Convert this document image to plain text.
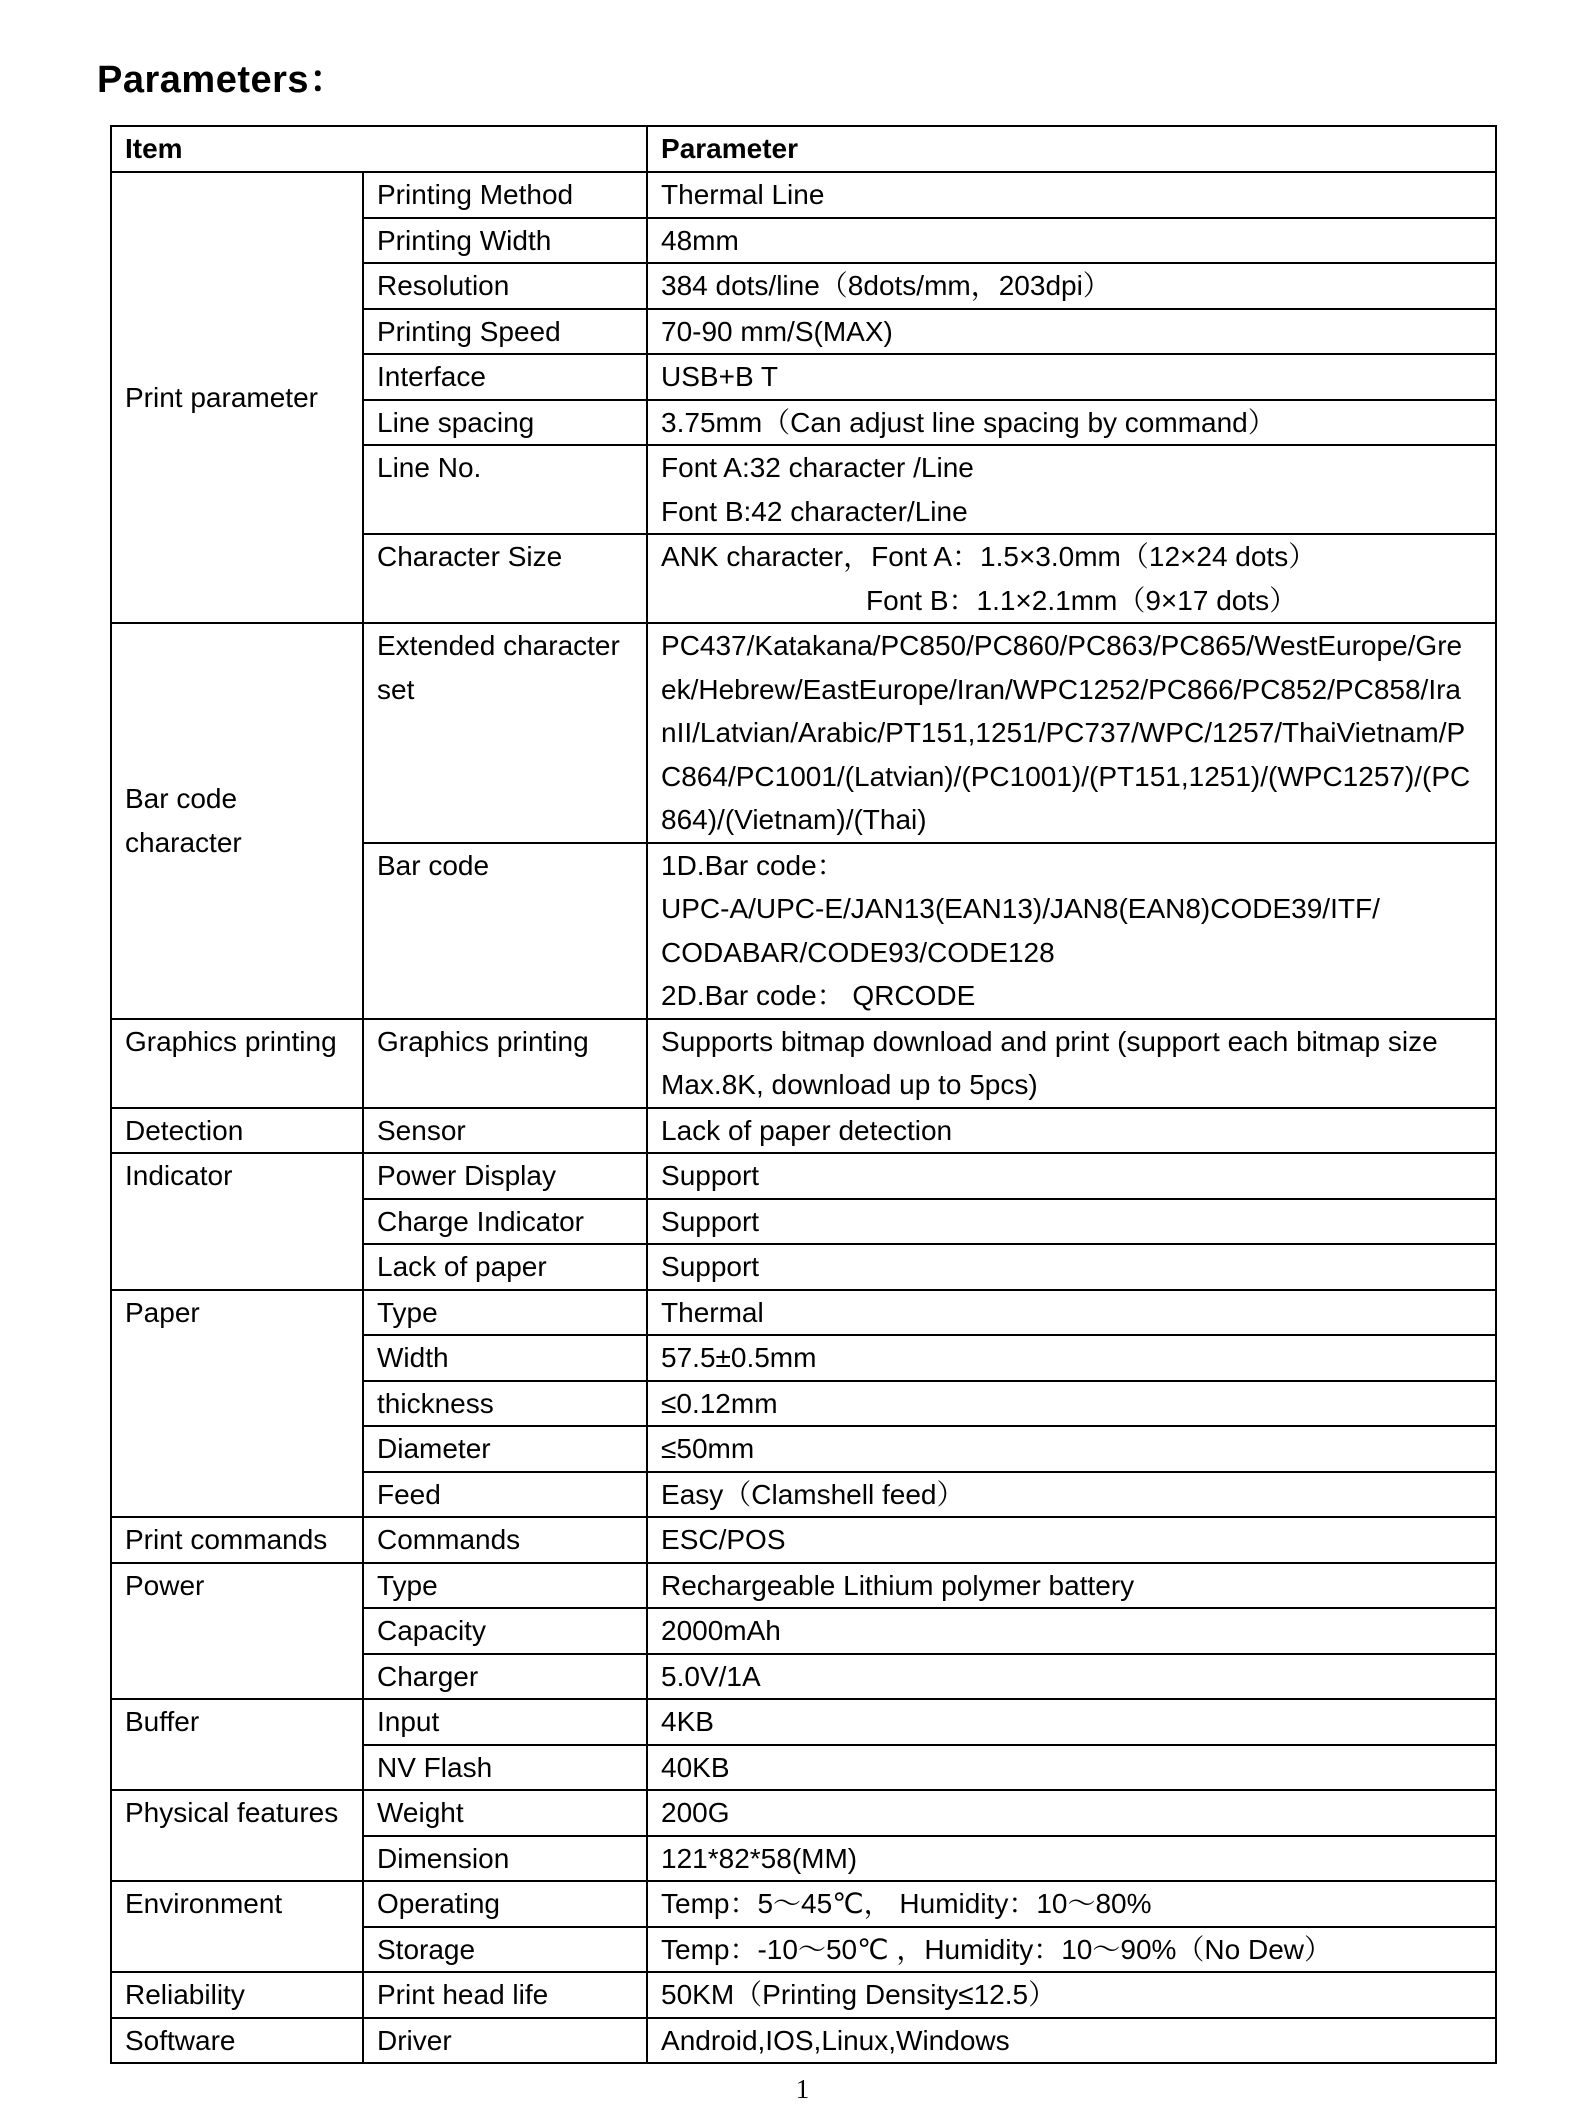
Parameters：
Item		Parameter
Print parameter	Printing Method	Thermal Line

	Printing Width	48mm

	Resolution	384 dots/line（8dots/mm，203dpi）

	Printing Speed	70-90 mm/S(MAX)

	Interface	USB+B T

	Line spacing	3.75mm（Can adjust line spacing by command）

	Line No.	Font A:32 character /Line
Font B:42 character/Line

	Character Size	ANK character，Font A：1.5×3.0mm（12×24 dots）
Font B：1.1×2.1mm（9×17 dots）

Bar code character	Extended character set	PC437/Katakana/PC850/PC860/PC863/PC865/WestEurope/Gre
ek/Hebrew/EastEurope/Iran/WPC1252/PC866/PC852/PC858/Ira
nII/Latvian/Arabic/PT151,1251/PC737/WPC/1257/ThaiVietnam/P
C864/PC1001/(Latvian)/(PC1001)/(PT151,1251)/(WPC1257)/(PC
864)/(Vietnam)/(Thai)

	Bar code	1D.Bar code：
UPC-A/UPC-E/JAN13(EAN13)/JAN8(EAN8)CODE39/ITF/
CODABAR/CODE93/CODE128
2D.Bar code： QRCODE

Graphics printing	Graphics printing	Supports bitmap download and print (support each bitmap size
Max.8K, download up to 5pcs)

Detection	Sensor	Lack of paper detection

Indicator	Power Display	Support

	Charge Indicator	Support

	Lack of paper	Support

Paper	Type	Thermal

	Width	57.5±0.5mm

	thickness	≤0.12mm

	Diameter	≤50mm

	Feed	Easy（Clamshell feed）

Print commands	Commands	ESC/POS

Power	Type	Rechargeable Lithium polymer battery

	Capacity	2000mAh

	Charger	5.0V/1A

Buffer	Input	4KB

	NV Flash	40KB

Physical features	Weight	200G

	Dimension	121*82*58(MM)

Environment	Operating	Temp：5～45℃， Humidity：10～80%

	Storage	Temp：-10～50℃ ，Humidity：10～90%（No Dew）

Reliability	Print head life	50KM（Printing Density≤12.5）

Software	Driver	Android,IOS,Linux,Windows
1
